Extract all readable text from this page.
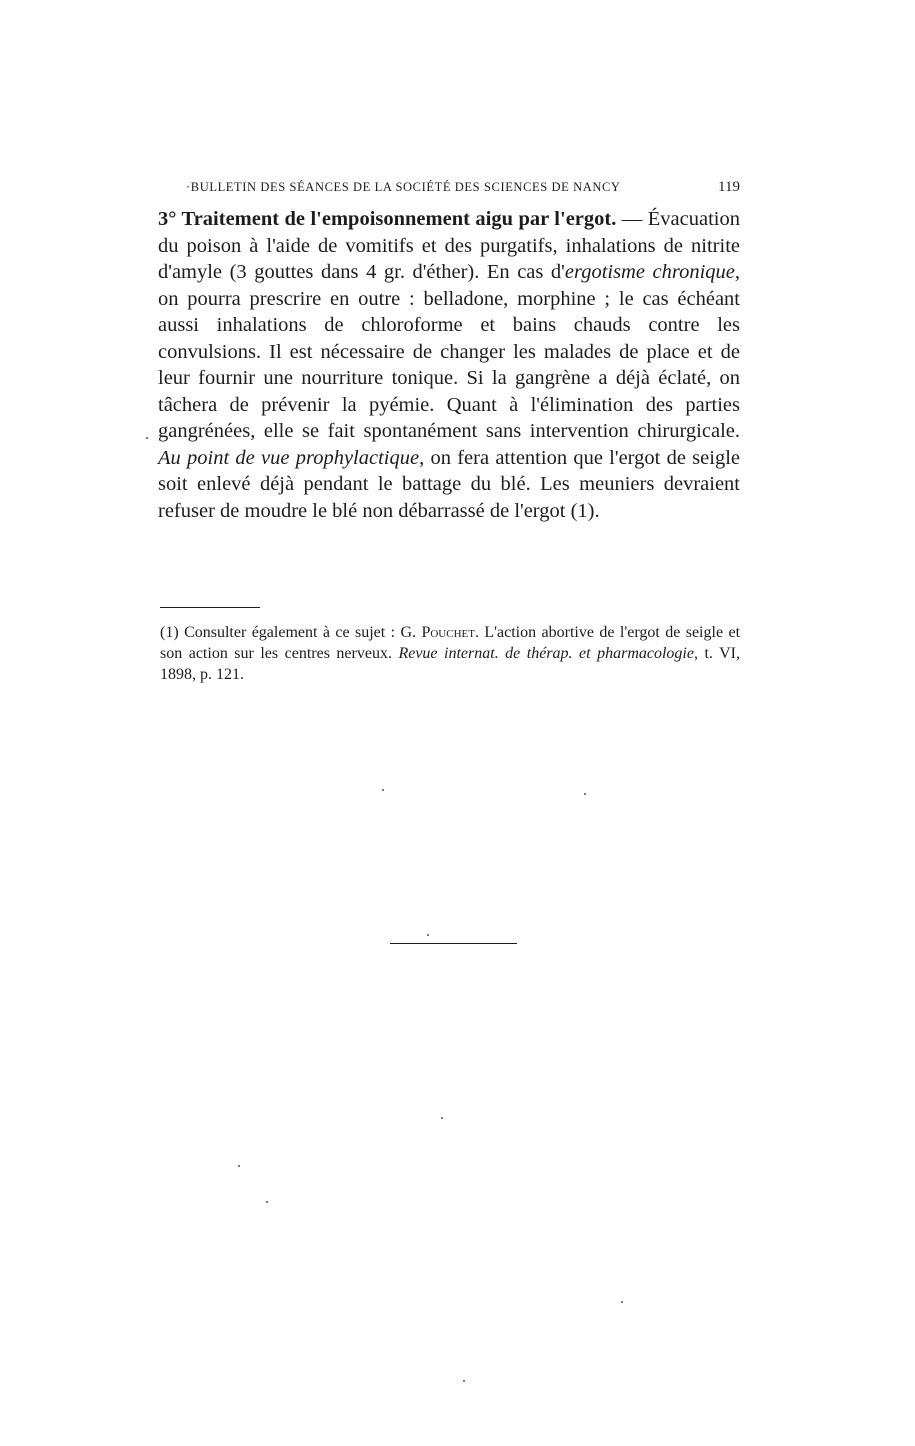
·BULLETIN DES SÉANCES DE LA SOCIÉTÉ DES SCIENCES DE NANCY	119

3° Traitement de l'empoisonnement aigu par l'ergot. — Évacuation du poison à l'aide de vomitifs et des purgatifs, inhalations de nitrite d'amyle (3 gouttes dans 4 gr. d'éther). En cas d'ergotisme chronique, on pourra prescrire en outre : belladone, morphine ; le cas échéant aussi inhalations de chloroforme et bains chauds contre les convulsions. Il est nécessaire de changer les malades de place et de leur fournir une nourriture tonique. Si la gangrène a déjà éclaté, on tâchera de prévenir la pyémie. Quant à l'élimination des parties gangrénées, elle se fait spontanément sans intervention chirurgicale. Au point de vue prophylactique, on fera attention que l'ergot de seigle soit enlevé déjà pendant le battage du blé. Les meuniers devraient refuser de moudre le blé non débarrassé de l'ergot (1).

(1) Consulter également à ce sujet : G. Pouchet. L'action abortive de l'ergot de seigle et son action sur les centres nerveux. Revue internat. de thérap. et pharmacologie, t. VI, 1898, p. 121.
